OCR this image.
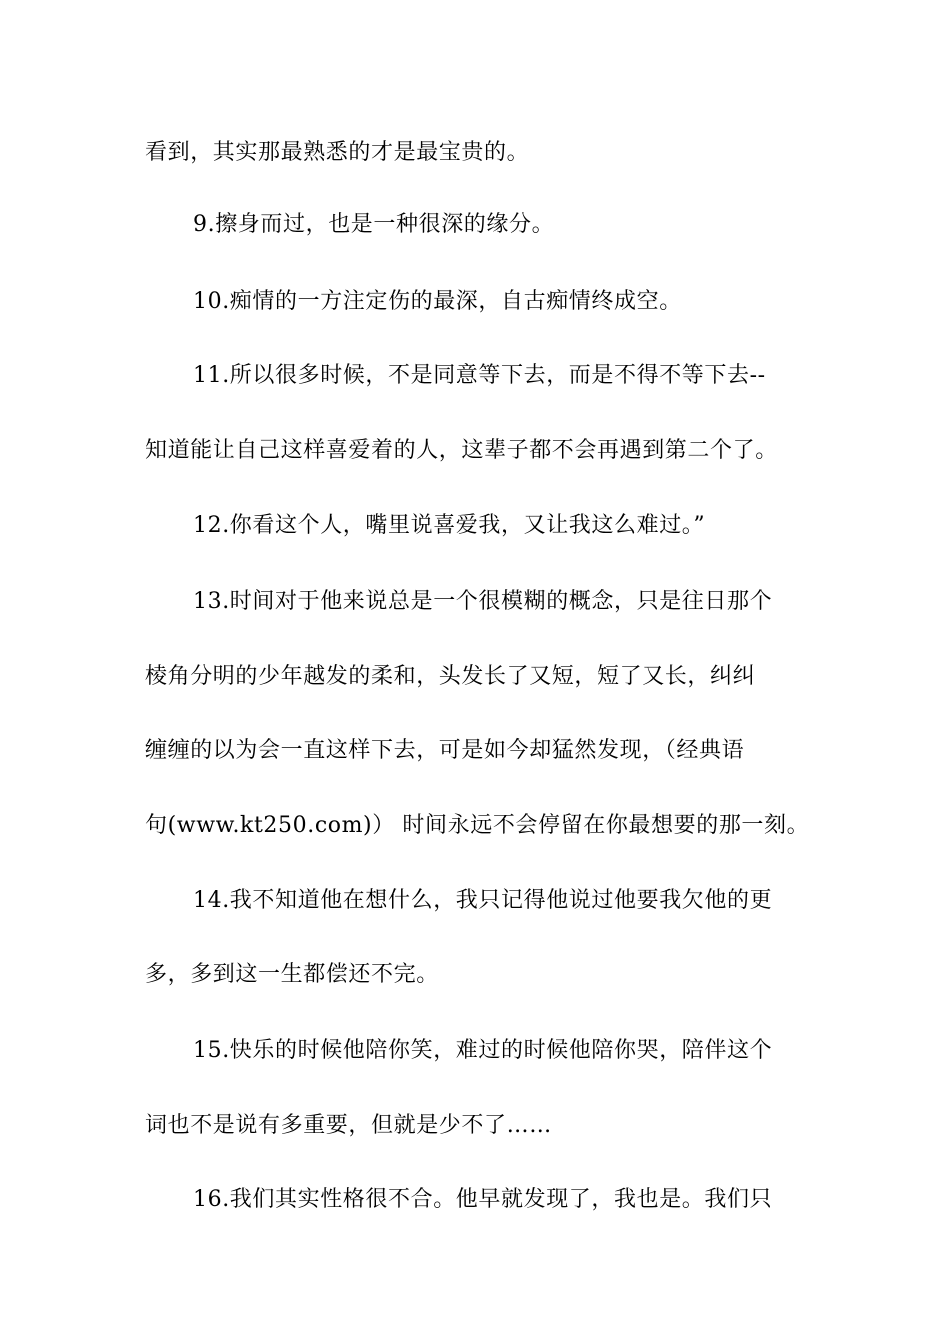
看到，其实那最熟悉的才是最宝贵的。
9.擦身而过，也是一种很深的缘分。
10.痴情的一方注定伤的最深，自古痴情终成空。
11.所以很多时候，不是同意等下去，而是不得不等下去--
知道能让自己这样喜爱着的人，这辈子都不会再遇到第二个了。
12.你看这个人，嘴里说喜爱我，又让我这么难过。”
13.时间对于他来说总是一个很模糊的概念，只是往日那个
棱角分明的少年越发的柔和，头发长了又短，短了又长，纠纠
缠缠的以为会一直这样下去，可是如今却猛然发现，（经典语
句(www.kt250.com)） 时间永远不会停留在你最想要的那一刻。
14.我不知道他在想什么，我只记得他说过他要我欠他的更
多，多到这一生都偿还不完。
15.快乐的时候他陪你笑，难过的时候他陪你哭，陪伴这个
词也不是说有多重要，但就是少不了……
16.我们其实性格很不合。他早就发现了，我也是。我们只
